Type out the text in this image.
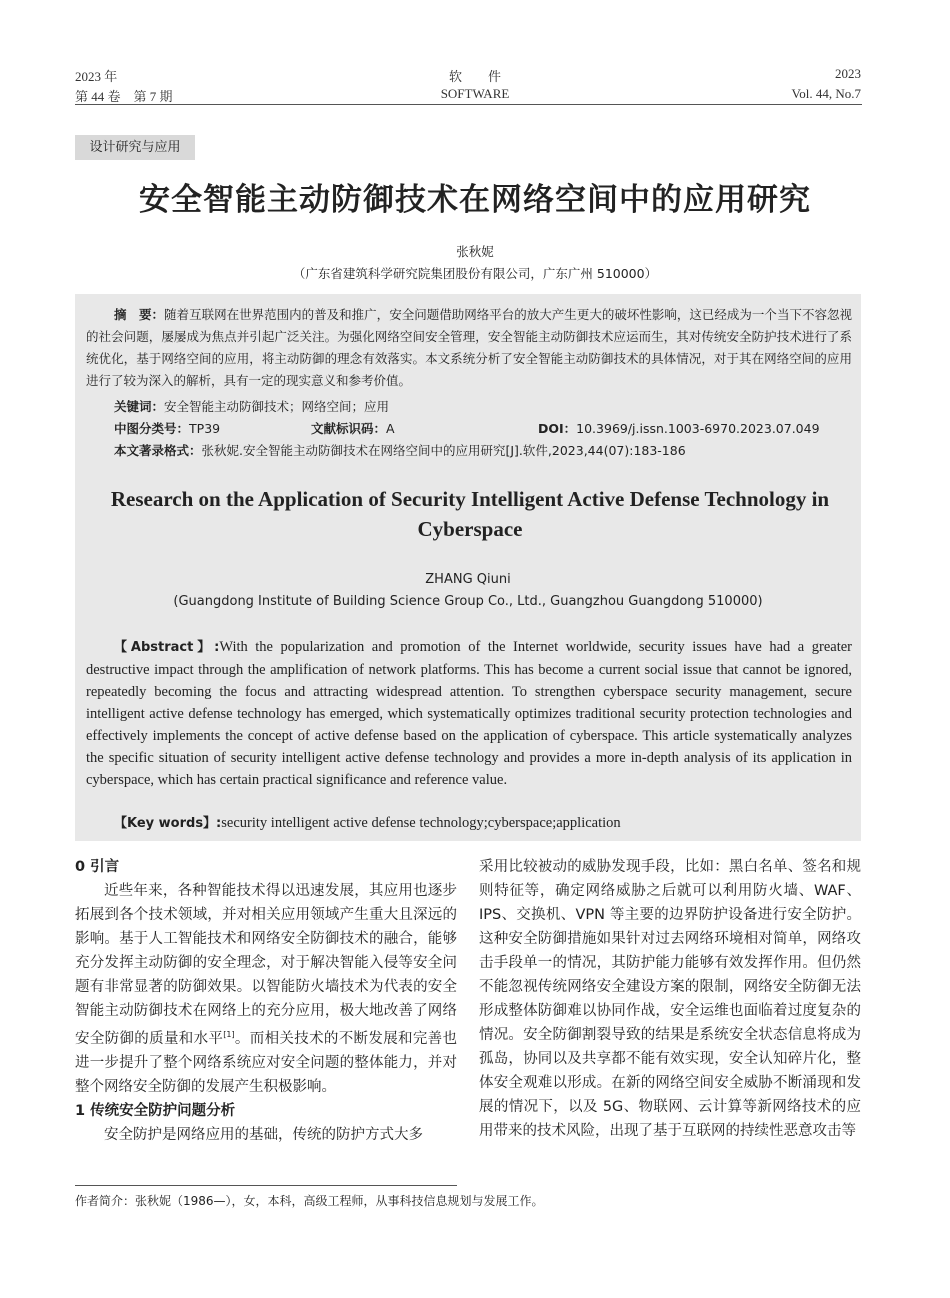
2023 年
第 44 卷　第 7 期
软　　件
SOFTWARE
2023
Vol. 44, No.7
设计研究与应用
安全智能主动防御技术在网络空间中的应用研究
张秋妮
（广东省建筑科学研究院集团股份有限公司，广东广州 510000）
摘　要：随着互联网在世界范围内的普及和推广，安全问题借助网络平台的放大产生更大的破坏性影响，这已经成为一个当下不容忽视的社会问题，屡屡成为焦点并引起广泛关注。为强化网络空间安全管理，安全智能主动防御技术应运而生，其对传统安全防护技术进行了系统优化，基于网络空间的应用，将主动防御的理念有效落实。本文系统分析了安全智能主动防御技术的具体情况，对于其在网络空间的应用进行了较为深入的解析，具有一定的现实意义和参考价值。
关键词：安全智能主动防御技术；网络空间；应用
中图分类号：TP39	文献标识码：A	DOI：10.3969/j.issn.1003-6970.2023.07.049
本文著录格式：张秋妮.安全智能主动防御技术在网络空间中的应用研究[J].软件,2023,44(07):183-186
Research on the Application of Security Intelligent Active Defense Technology in Cyberspace
ZHANG Qiuni
(Guangdong Institute of Building Science Group Co., Ltd., Guangzhou Guangdong 510000)
【Abstract】:With the popularization and promotion of the Internet worldwide, security issues have had a greater destructive impact through the amplification of network platforms. This has become a current social issue that cannot be ignored, repeatedly becoming the focus and attracting widespread attention. To strengthen cyberspace security management, secure intelligent active defense technology has emerged, which systematically optimizes traditional security protection technologies and effectively implements the concept of active defense based on the application of cyberspace. This article systematically analyzes the specific situation of security intelligent active defense technology and provides a more in-depth analysis of its application in cyberspace, which has certain practical significance and reference value.
【Key words】:security intelligent active defense technology;cyberspace;application
0 引言

近些年来，各种智能技术得以迅速发展，其应用也逐步拓展到各个技术领域，并对相关应用领域产生重大且深远的影响。基于人工智能技术和网络安全防御技术的融合，能够充分发挥主动防御的安全理念，对于解决智能入侵等安全问题有非常显著的防御效果。以智能防火墙技术为代表的安全智能主动防御技术在网络上的充分应用，极大地改善了网络安全防御的质量和水平[1]。而相关技术的不断发展和完善也进一步提升了整个网络系统应对安全问题的整体能力，并对整个网络安全防御的发展产生积极影响。

1 传统安全防护问题分析

安全防护是网络应用的基础，传统的防护方式大多

采用比较被动的威胁发现手段，比如：黑白名单、签名和规则特征等，确定网络威胁之后就可以利用防火墙、WAF、IPS、交换机、VPN 等主要的边界防护设备进行安全防护。这种安全防御措施如果针对过去网络环境相对简单，网络攻击手段单一的情况，其防护能力能够有效发挥作用。但仍然不能忽视传统网络安全建设方案的限制，网络安全防御无法形成整体防御难以协同作战，安全运维也面临着过度复杂的情况。安全防御割裂导致的结果是系统安全状态信息将成为孤岛，协同以及共享都不能有效实现，安全认知碎片化，整体安全观难以形成。在新的网络空间安全威胁不断涌现和发展的情况下，以及 5G、物联网、云计算等新网络技术的应用带来的技术风险，出现了基于互联网的持续性恶意攻击等
作者简介：张秋妮（1986—），女，本科，高级工程师，从事科技信息规划与发展工作。
